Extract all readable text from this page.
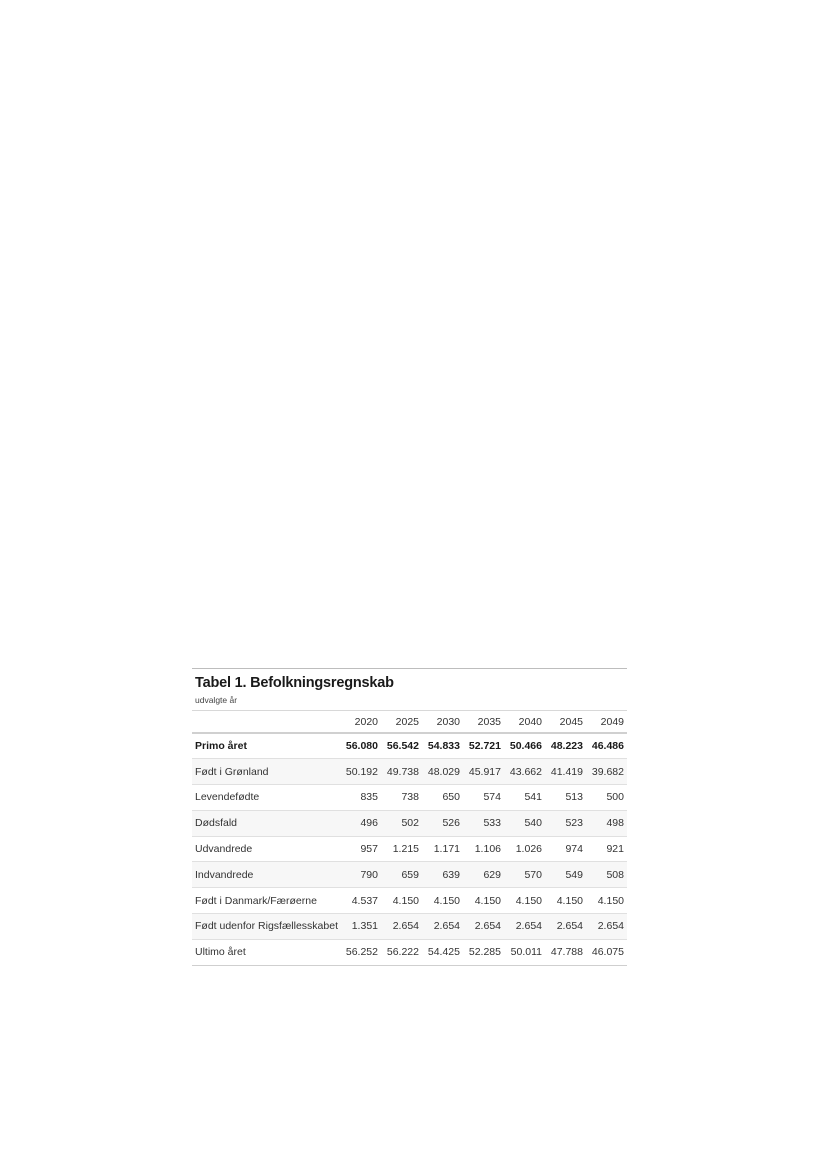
Tabel 1. Befolkningsregnskab
udvalgte år
	2020	2025	2030	2035	2040	2045	2049
Primo året	56.080	56.542	54.833	52.721	50.466	48.223	46.486
Født i Grønland	50.192	49.738	48.029	45.917	43.662	41.419	39.682
Levendefødte	835	738	650	574	541	513	500
Dødsfald	496	502	526	533	540	523	498
Udvandrede	957	1.215	1.171	1.106	1.026	974	921
Indvandrede	790	659	639	629	570	549	508
Født i Danmark/Færøerne	4.537	4.150	4.150	4.150	4.150	4.150	4.150
Født udenfor Rigsfællesskabet	1.351	2.654	2.654	2.654	2.654	2.654	2.654
Ultimo året	56.252	56.222	54.425	52.285	50.011	47.788	46.075
